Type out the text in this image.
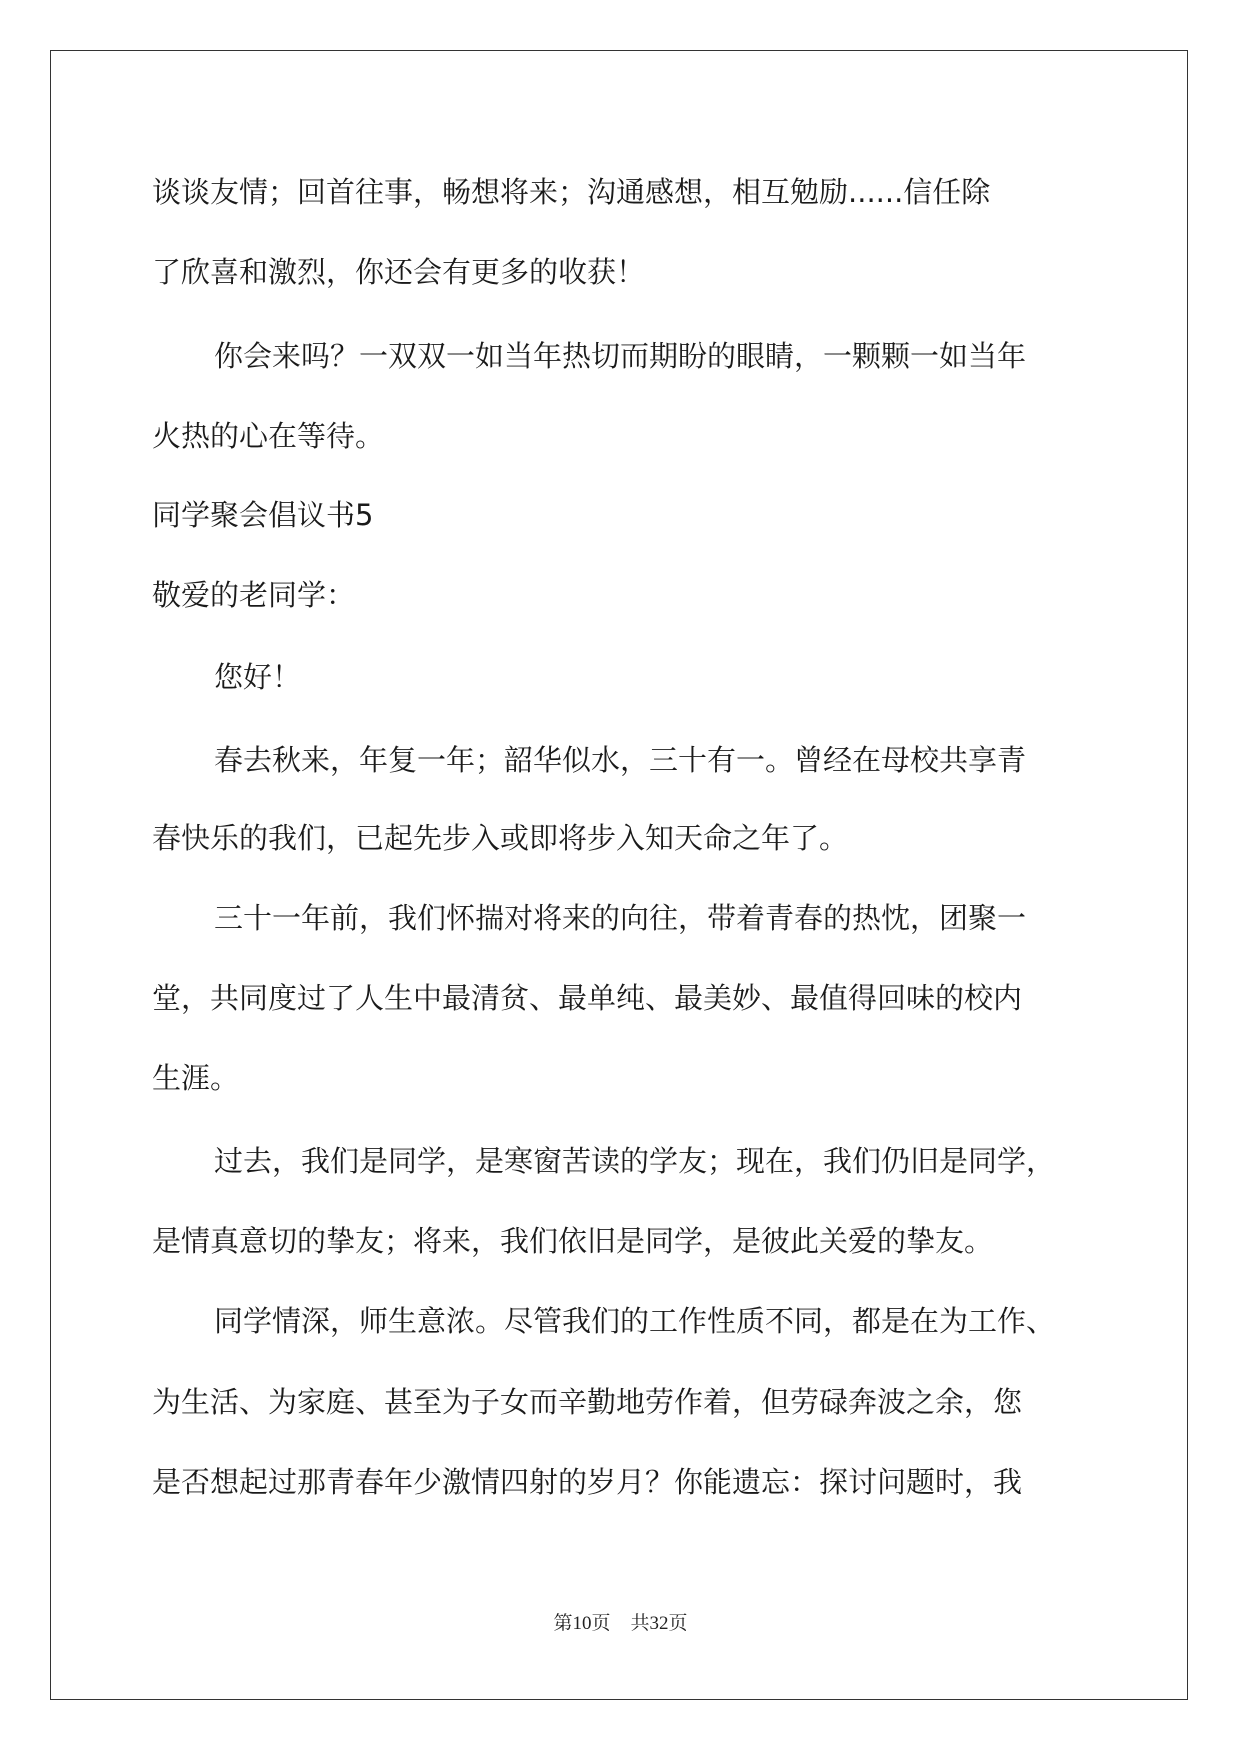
谈谈友情；回首往事，畅想将来；沟通感想，相互勉励......信任除
了欣喜和激烈，你还会有更多的收获！
你会来吗？一双双一如当年热切而期盼的眼睛，一颗颗一如当年
火热的心在等待。
同学聚会倡议书5
敬爱的老同学：
您好！
春去秋来，年复一年；韶华似水，三十有一。曾经在母校共享青
春快乐的我们，已起先步入或即将步入知天命之年了。
三十一年前，我们怀揣对将来的向往，带着青春的热忱，团聚一
堂，共同度过了人生中最清贫、最单纯、最美妙、最值得回味的校内
生涯。
过去，我们是同学，是寒窗苦读的学友；现在，我们仍旧是同学，
是情真意切的挚友；将来，我们依旧是同学，是彼此关爱的挚友。
同学情深，师生意浓。尽管我们的工作性质不同，都是在为工作、
为生活、为家庭、甚至为子女而辛勤地劳作着，但劳碌奔波之余，您
是否想起过那青春年少激情四射的岁月？你能遗忘：探讨问题时，我
第10页 共32页
